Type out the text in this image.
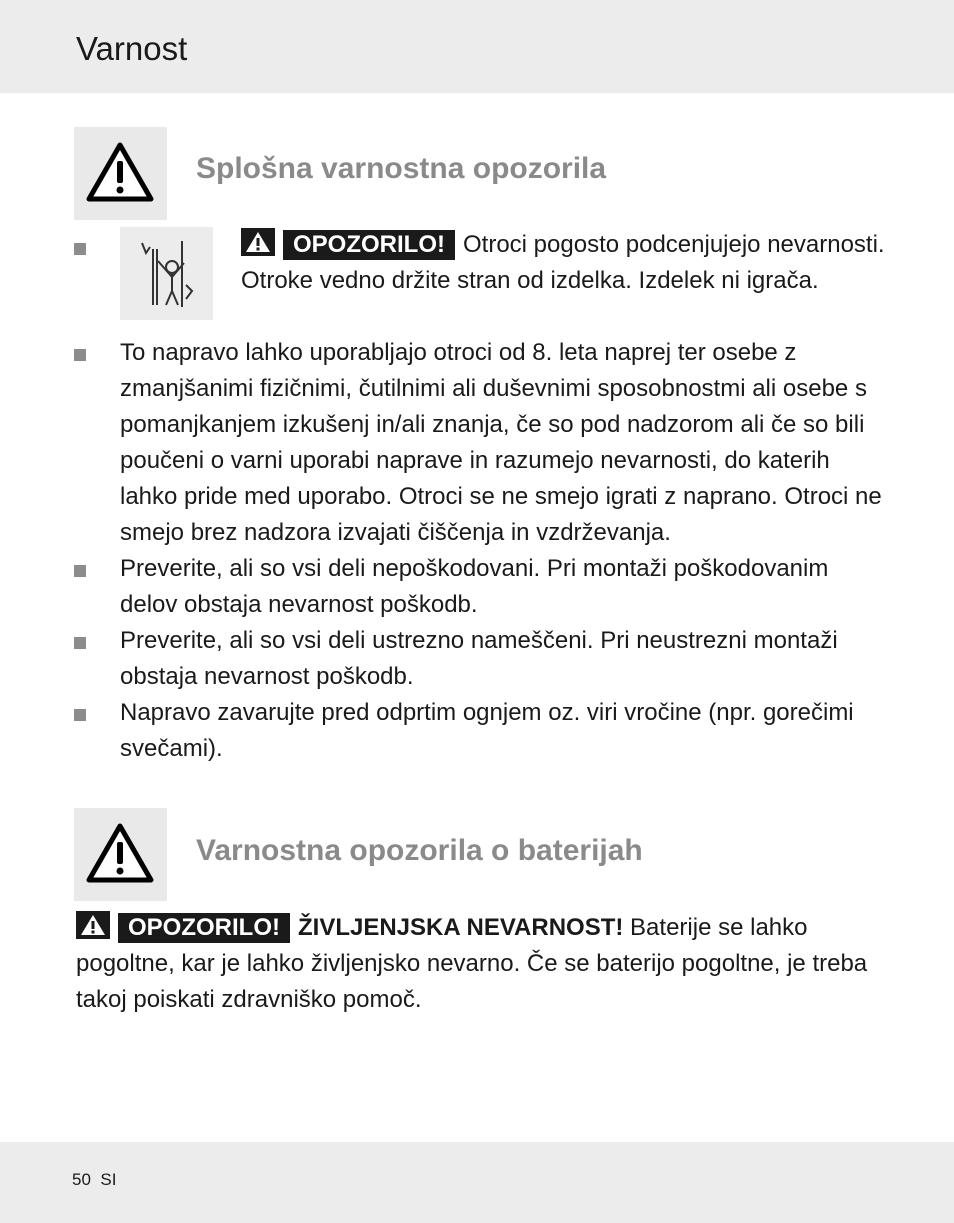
Varnost
Splošna varnostna opozorila

OPOZORILO! Otroci pogosto podcenjujejo nevarnosti. Otroke vedno držite stran od izdelka. Izdelek ni igrača.

To napravo lahko uporabljajo otroci od 8. leta naprej ter osebe z zmanjšanimi fizičnimi, čutilnimi ali duševnimi sposobnostmi ali osebe s pomanjkanjem izkušenj in/ali znanja, če so pod nadzorom ali če so bili poučeni o varni uporabi naprave in razumejo nevarnosti, do katerih lahko pride med uporabo. Otroci se ne smejo igrati z naprano. Otroci ne smejo brez nadzora izvajati čiščenja in vzdrževanja.

Preverite, ali so vsi deli nepoškodovani. Pri montaži poškodovanim delov obstaja nevarnost poškodb.

Preverite, ali so vsi deli ustrezno nameščeni. Pri neustrezni montaži obstaja nevarnost poškodb.

Napravo zavarujte pred odprtim ognjem oz. viri vročine (npr. gorečimi svečami).

Varnostna opozorila o baterijah

OPOZORILO! ŽIVLJENJSKA NEVARNOST! Baterije se lahko pogoltne, kar je lahko življenjsko nevarno. Če se baterijo pogoltne, je treba takoj poiskati zdravniško pomoč.

50 SI
